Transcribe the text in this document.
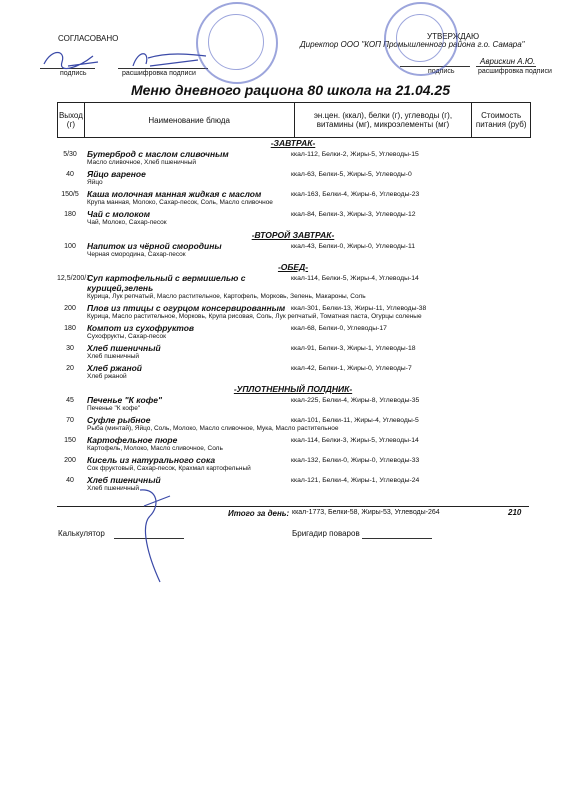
СОГЛАСОВАНО
подпись	расшифровка подписи
УТВЕРЖДАЮ
Директор ООО "КОП Промышленного района г.о. Самара"
Аврискин А.Ю.
подпись	расшифровка подписи
Меню дневного рациона 80 школа на 21.04.25
Выход (г)	Наименование блюда	эн.цен. (ккал), белки (г), углеводы (г), витамины (мг), микроэлементы (мг)
Стоимость питания (руб)
-ЗАВТРАК-
5/30	Бутерброд с маслом сливочным
Масло сливочное, Хлеб пшеничный
ккал-112, Белки-2, Жиры-5, Углеводы-15
40	Яйцо вареное
Яйцо
ккал-63, Белки-5, Жиры-5, Углеводы-0
150/5 Каша молочная манная жидкая с маслом
Крупа манная, Молоко, Сахар-песок, Соль, Масло сливочное
ккал-163, Белки-4, Жиры-6, Углеводы-23
180	Чай с молоком
Чай, Молоко, Сахар-песок
ккал-84, Белки-3, Жиры-3, Углеводы-12
-ВТОРОЙ ЗАВТРАК-
100	Напиток из чёрной смородины
Черная смородина, Сахар-песок
ккал-43, Белки-0, Жиры-0, Углеводы-11
-ОБЕД-
12,5/200/1
Суп картофельный с вермишелью с курицей,зелень
Курица, Лук репчатый, Масло растительное, Картофель, Морковь, Зелень, Макароны, Соль
ккал-114, Белки-5, Жиры-4, Углеводы-14
200	Плов из птицы с огурцом консервированным
Курица, Масло растительное, Морковь, Крупа рисовая, Соль, Лук репчатый, Томатная паста, Огурцы соленые
ккал-301, Белки-13, Жиры-11, Углеводы-38
180	Компот из сухофруктов
Сухофрукты, Сахар-песок
ккал-68, Белки-0, Углеводы-17
30	Хлеб пшеничный
Хлеб пшеничный
ккал-91, Белки-3, Жиры-1, Углеводы-18
20	Хлеб ржаной
Хлеб ржаной
ккал-42, Белки-1, Жиры-0, Углеводы-7
-УПЛОТНЕННЫЙ ПОЛДНИК-
45	Печенье "К кофе"
Печенье "К кофе"
ккал-225, Белки-4, Жиры-8, Углеводы-35
70	Суфле рыбное
Рыба (минтай), Яйцо, Соль, Молоко, Масло сливочное, Мука, Масло растительное
ккал-101, Белки-11, Жиры-4, Углеводы-5
150	Картофельное пюре
Картофель, Молоко, Масло сливочное, Соль
ккал-114, Белки-3, Жиры-5, Углеводы-14
200	Кисель из натурального сока
Сок фруктовый, Сахар-песок, Крахмал картофельный
ккал-132, Белки-0, Жиры-0, Углеводы-33
40	Хлеб пшеничный
Хлеб пшеничный
ккал-121, Белки-4, Жиры-1, Углеводы-24
Итого за день: ккал-1773, Белки-58, Жиры-53, Углеводы-264	210
Калькулятор	Бригадир поваров
